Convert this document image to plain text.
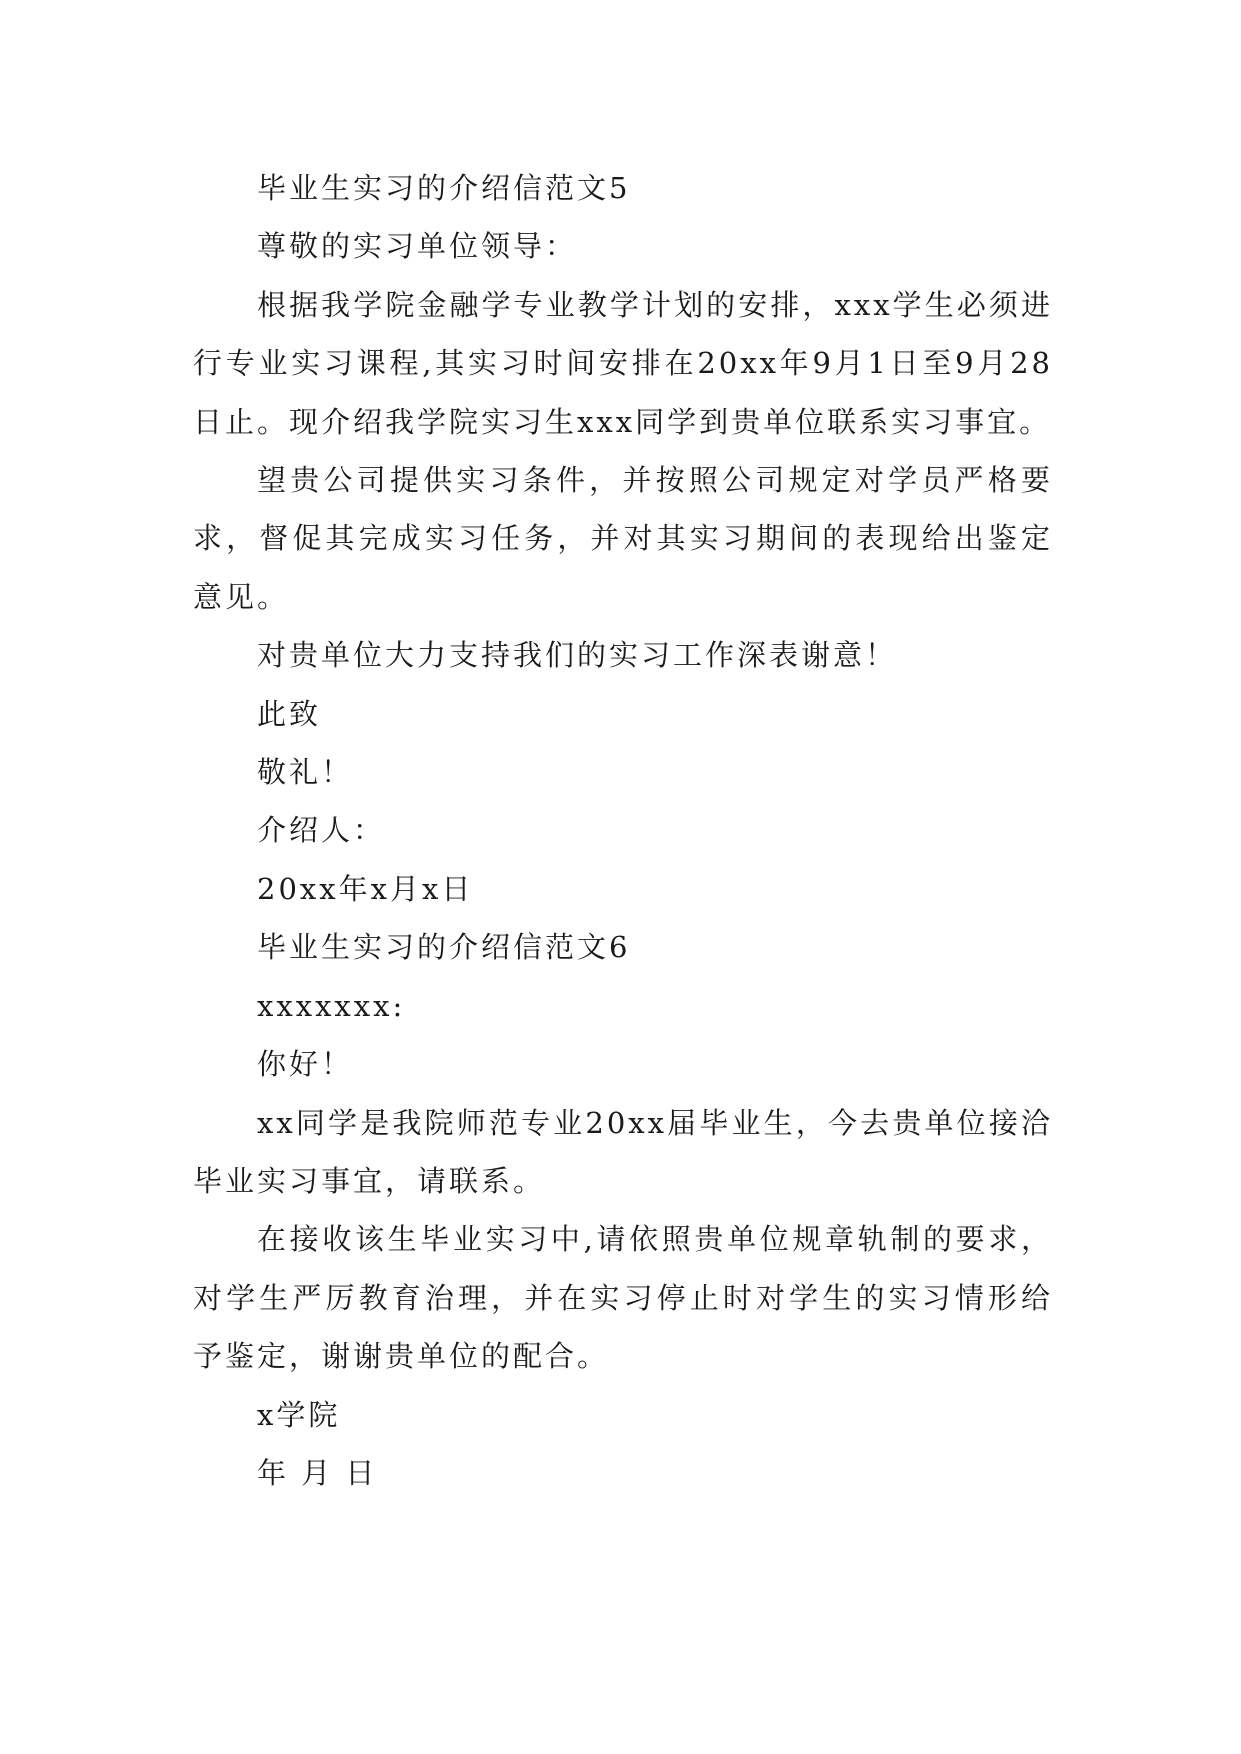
毕业生实习的介绍信范文5

尊敬的实习单位领导：

根据我学院金融学专业教学计划的安排，xxx学生必须进行专业实习课程,其实习时间安排在20xx年9月1日至9月28日止。现介绍我学院实习生xxx同学到贵单位联系实习事宜。

望贵公司提供实习条件，并按照公司规定对学员严格要求，督促其完成实习任务，并对其实习期间的表现给出鉴定意见。

对贵单位大力支持我们的实习工作深表谢意！

此致

敬礼！

介绍人：

20xx年x月x日

毕业生实习的介绍信范文6

xxxxxxx:

你好！

xx同学是我院师范专业20xx届毕业生，今去贵单位接洽毕业实习事宜，请联系。

在接收该生毕业实习中,请依照贵单位规章轨制的要求，对学生严厉教育治理，并在实习停止时对学生的实习情形给予鉴定，谢谢贵单位的配合。

x学院

年 月 日
